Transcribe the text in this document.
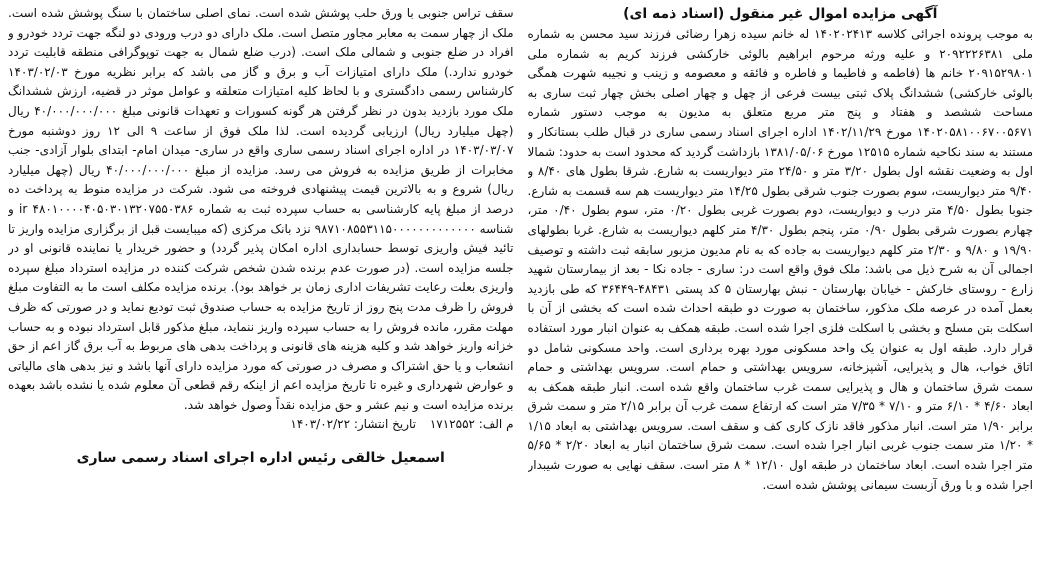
آگهی مزایده اموال غیر منقول (اسناد ذمه ای)

به موجب پرونده اجرائی کلاسه ۱۴۰۲۰۲۴۱۳ له خانم سیده زهرا رضائی فرزند سید محسن به شماره ملی ۲۰۹۲۲۲۶۳۸۱ و علیه ورثه مرحوم ابراهیم بالوئی خارکشی فرزند کریم به شماره ملی ۲۰۹۱۵۲۹۸۰۱ خانم ها (فاطمه و فاطیما و فاطره و فائقه و معصومه و زینب و نجیبه شهرت همگی بالوئی خارکشی) ششدانگ پلاک ثبتی بیست فرعی از چهل و چهار اصلی بخش چهار ثبت ساری به مساحت ششصد و هفتاد و پنج متر مربع متعلق به مدیون به موجب دستور شماره ۱۴۰۲۰۵۸۱۰۰۶۷۰۰۵۶۷۱ مورخ ۱۴۰۲/۱۱/۲۹ اداره اجرای اسناد رسمی ساری در قبال طلب بستانکار و مستند به سند نکاحیه شماره ۱۲۵۱۵ مورخ ۱۳۸۱/۰۵/۰۶ بازداشت گردید که محدود است به حدود: شمالا اول به وضعیت نقشه اول بطول ۳/۲۰ متر و ۲۴/۵۰ متر دیواریست به شارع. شرقا بطول های ۸/۴۰ و ۹/۴۰ متر دیواریست، سوم بصورت جنوب شرقی بطول ۱۴/۲۵ متر دیواریست هم سه قسمت به شارع. جنوبا بطول ۴/۵۰ متر درب و دیواریست، دوم بصورت غربی بطول ۰/۲۰ متر، سوم بطول ۰/۴۰ متر، چهارم بصورت شرقی بطول ۰/۹۰ متر، پنجم بطول ۴/۳۰ متر کلهم دیواریست به شارع. غربا بطولهای ۱۹/۹۰ و ۹/۸۰ و ۲/۳۰ متر کلهم دیواریست به جاده که به نام مدیون مزبور سابقه ثبت داشته و توصیف اجمالی آن به شرح ذیل می باشد: ملک فوق واقع است در: ساری - جاده نکا - بعد از بیمارستان شهید زارع - روستای خارکش - خیابان بهارستان - نبش بهارستان ۵ کد پستی ۴۸۴۳۱-۳۶۴۴۹ که طی بازدید بعمل آمده در عرصه ملک مذکور، ساختمان به صورت دو طبقه احداث شده است که بخشی از آن با اسکلت بتن مسلح و بخشی با اسکلت فلزی اجرا شده است. طبقه همکف به عنوان انبار مورد استفاده قرار دارد. طبقه اول به عنوان یک واحد مسکونی مورد بهره برداری است. واحد مسکونی شامل دو اتاق خواب، هال و پذیرایی، آشپزخانه، سرویس بهداشتی و حمام است. سرویس بهداشتی و حمام سمت شرق ساختمان و هال و پذیرایی سمت غرب ساختمان واقع شده است. انبار طبقه همکف به ابعاد ۴/۶۰ * ۶/۱۰ متر و ۷/۱۰ * ۷/۳۵ متر است که ارتفاع سمت غرب آن برابر ۲/۱۵ متر و سمت شرق برابر ۱/۹۰ متر است. انبار مذکور فاقد نازک کاری کف و سقف است. سرویس بهداشتی به ابعاد ۱/۱۵ * ۱/۲۰ متر سمت جنوب غربی انبار اجرا شده است. سمت شرق ساختمان انبار به ابعاد ۲/۲۰ * ۵/۶۵ متر اجرا شده است. ابعاد ساختمان در طبقه اول ۱۲/۱۰ * ۸ متر است. سقف نهایی به صورت شیبدار اجرا شده و با ورق آزبست سیمانی پوشش شده است.

سقف تراس جنوبی با ورق حلب پوشش شده است. نمای اصلی ساختمان با سنگ پوشش شده است. ملک از چهار سمت به معابر مجاور متصل است. ملک دارای دو درب ورودی دو لنگه جهت تردد خودرو و افراد در ضلع جنوبی و شمالی ملک است. (درب ضلع شمال به جهت توپوگرافی منطقه قابلیت تردد خودرو ندارد.) ملک دارای امتیازات آب و برق و گاز می باشد که برابر نظریه مورخ ۱۴۰۳/۰۲/۰۳ کارشناس رسمی دادگستری و با لحاظ کلیه امتیازات متعلقه و عوامل موثر در قضیه، ارزش ششدانگ ملک مورد بازدید بدون در نظر گرفتن هر گونه کسورات و تعهدات قانونی مبلغ ۴۰/۰۰۰/۰۰۰/۰۰۰ ریال (چهل میلیارد ریال) ارزیابی گردیده است. لذا ملک فوق از ساعت ۹ الی ۱۲ روز دوشنبه مورخ ۱۴۰۳/۰۳/۰۷ در اداره اجرای اسناد رسمی ساری واقع در ساری- میدان امام- ابتدای بلوار آزادی- جنب مخابرات از طریق مزایده به فروش می رسد. مزایده از مبلغ ۴۰/۰۰۰/۰۰۰/۰۰۰ ریال (چهل میلیارد ریال) شروع و به بالاترین قیمت پیشنهادی فروخته می شود. شرکت در مزایده منوط به پرداخت ده درصد از مبلغ پایه کارشناسی به حساب سپرده ثبت به شماره ir ۴۸۰۱۰۰۰۰۴۰۵۰۳۰۱۳۲۰۷۵۵۰۳۸۶ و شناسه ۹۸۷۱۰۸۵۵۳۱۱۵۰۰۰۰۰۰۰۰۰۰۰۰۰ نزد بانک مرکزی (که میبایست قبل از برگزاری مزایده واریز تا تائید فیش واریزی توسط حسابداری اداره امکان پذیر گردد) و حضور خریدار یا نماینده قانونی او در جلسه مزایده است. (در صورت عدم برنده شدن شخص شرکت کننده در مزایده استرداد مبلغ سپرده واریزی بعلت رعایت تشریفات اداری زمان بر خواهد بود). برنده مزایده مکلف است ما به التفاوت مبلغ فروش را ظرف مدت پنج روز از تاریخ مزایده به حساب صندوق ثبت تودیع نماید و در صورتی که ظرف مهلت مقرر، مانده فروش را به حساب سپرده واریز ننماید، مبلغ مذکور قابل استرداد نبوده و به حساب خزانه واریز خواهد شد و کلیه هزینه های قانونی و پرداخت بدهی های مربوط به آب برق گاز اعم از حق انشعاب و یا حق اشتراک و مصرف در صورتی که مورد مزایده دارای آنها باشد و نیز بدهی های مالیاتی و عوارض شهرداری و غیره تا تاریخ مزایده اعم از اینکه رقم قطعی آن معلوم شده یا نشده باشد بعهده برنده مزایده است و نیم عشر و حق مزایده نقداً وصول خواهد شد.

م الف: ۱۷۱۲۵۵۲ تاریخ انتشار: ۱۴۰۳/۰۲/۲۲
اسمعیل خالقی رئیس اداره اجرای اسناد رسمی ساری
